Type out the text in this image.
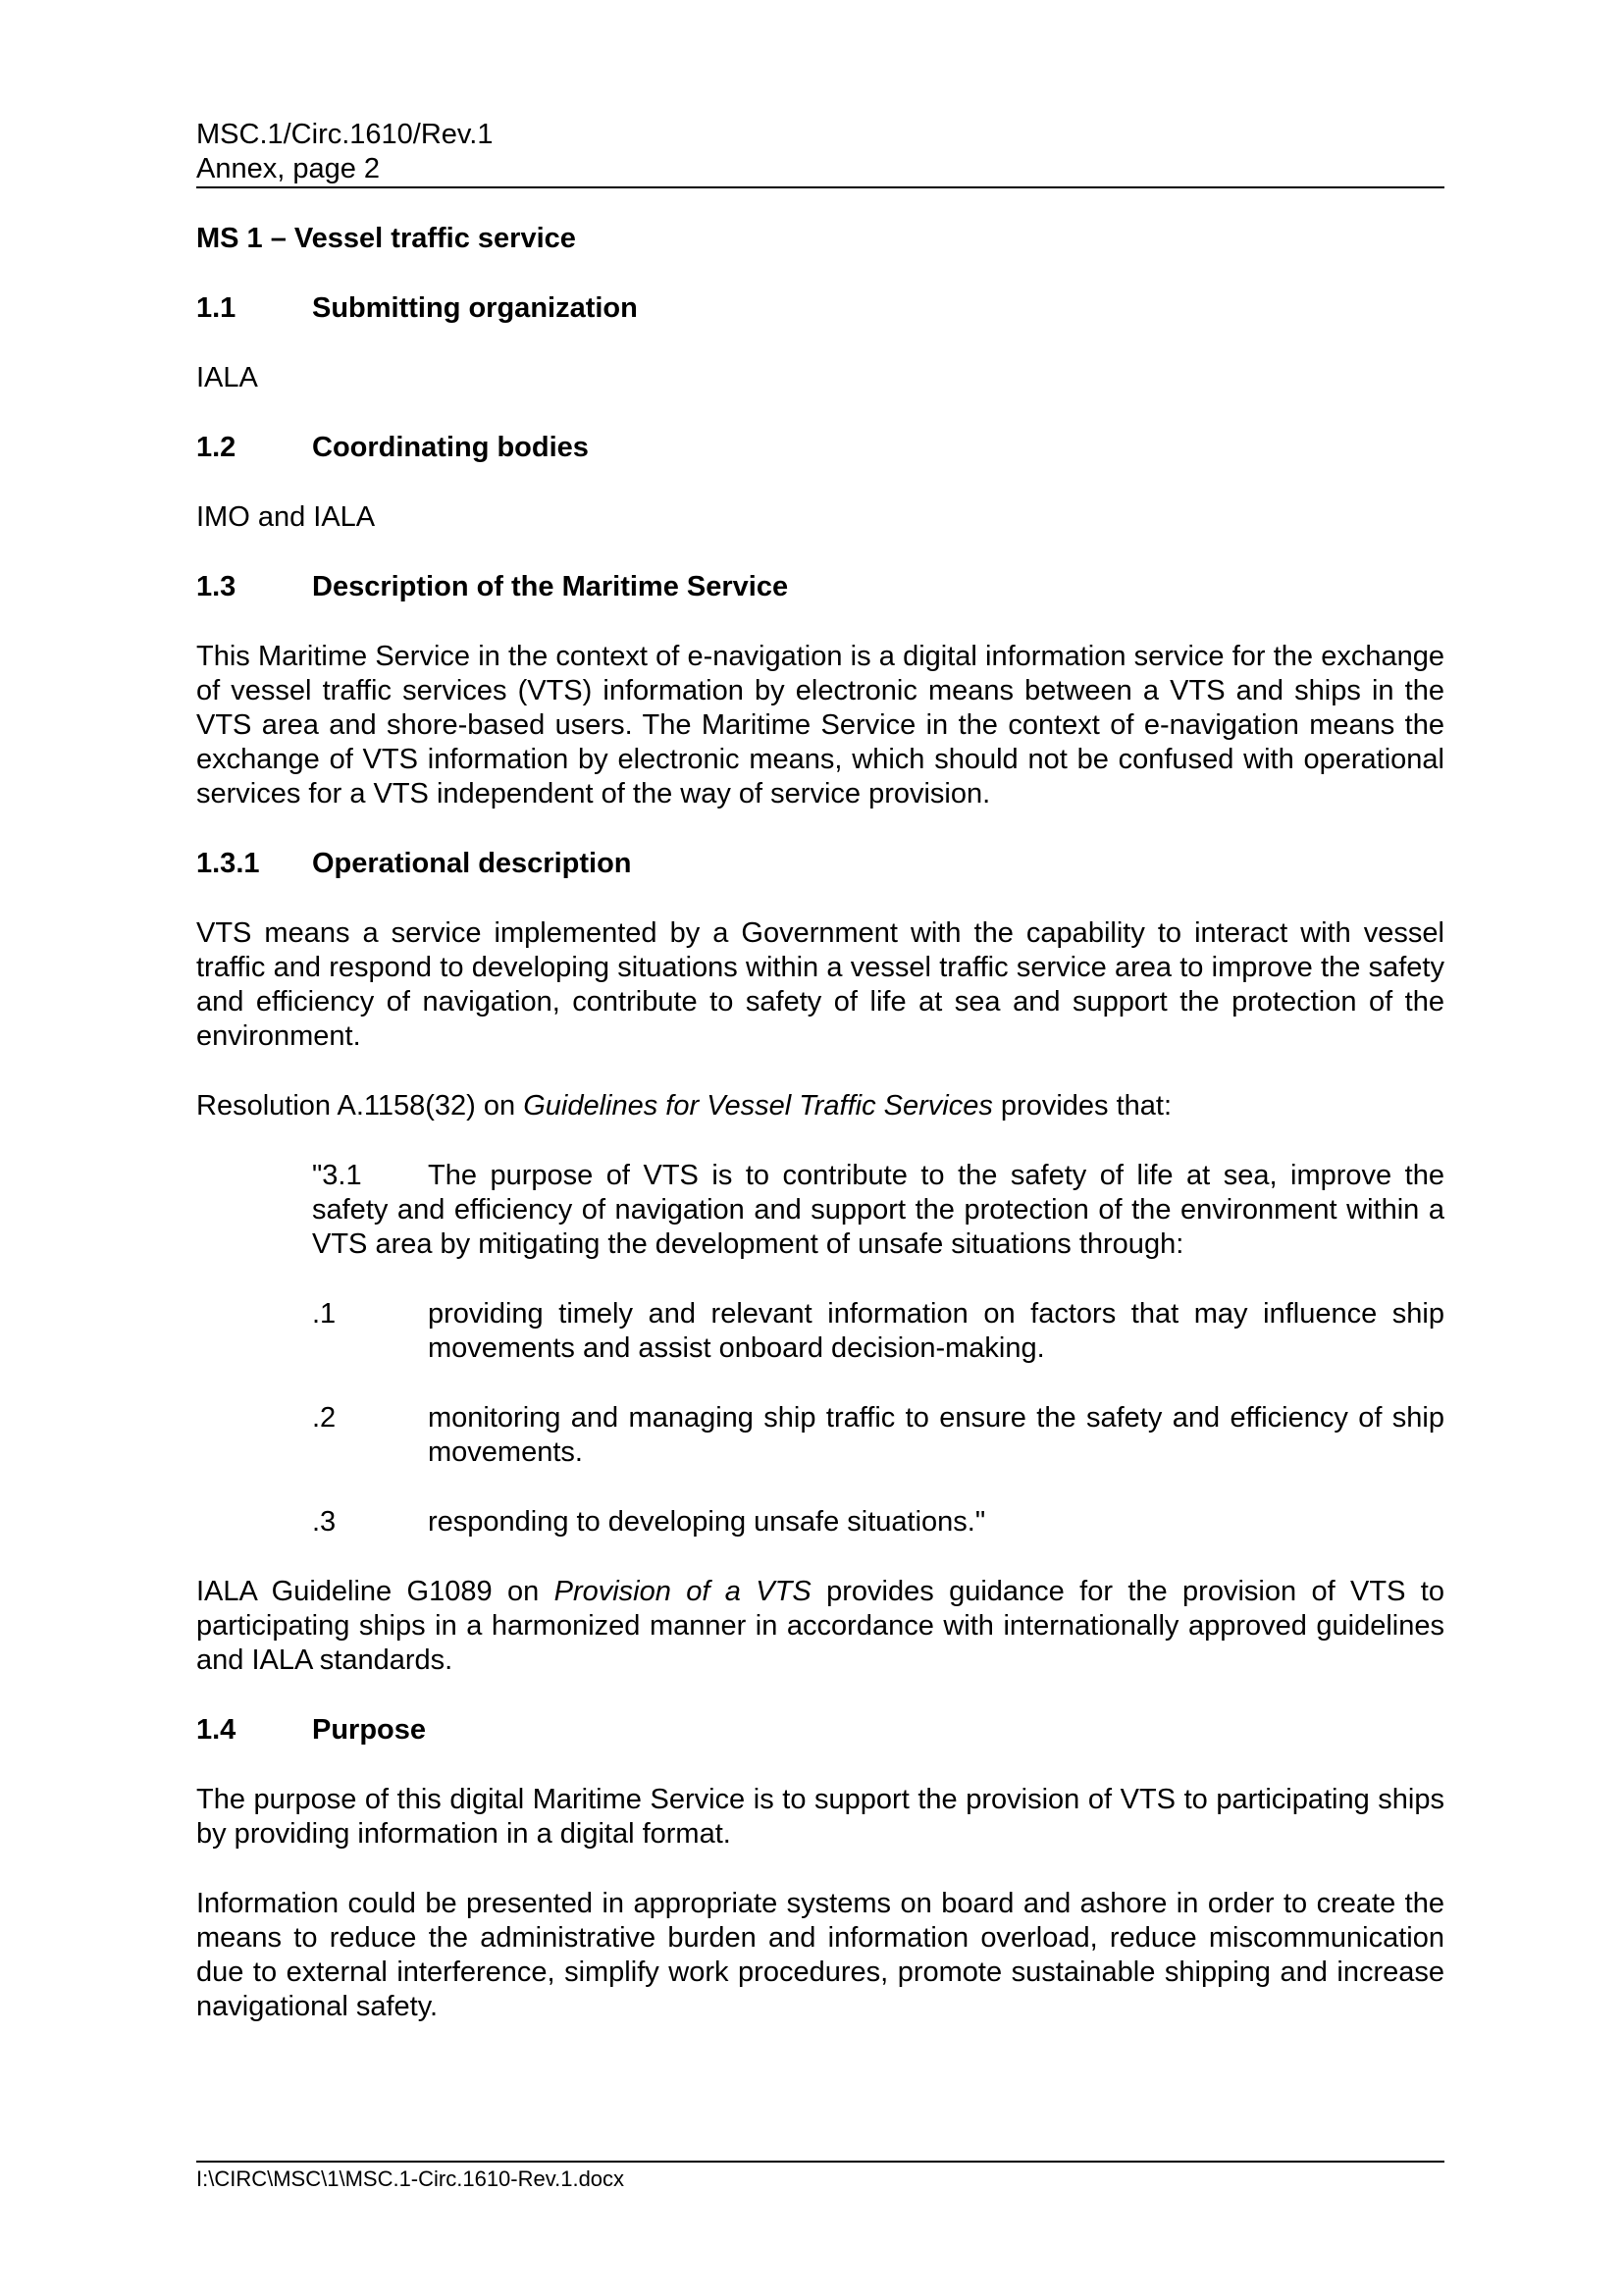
MSC.1/Circ.1610/Rev.1
Annex, page 2

MS 1 – Vessel traffic service

1.1	Submitting organization

IALA

1.2	Coordinating bodies

IMO and IALA

1.3	Description of the Maritime Service

This Maritime Service in the context of e-navigation is a digital information service for the exchange of vessel traffic services (VTS) information by electronic means between a VTS and ships in the VTS area and shore-based users. The Maritime Service in the context of e-navigation means the exchange of VTS information by electronic means, which should not be confused with operational services for a VTS independent of the way of service provision.

1.3.1	Operational description

VTS means a service implemented by a Government with the capability to interact with vessel traffic and respond to developing situations within a vessel traffic service area to improve the safety and efficiency of navigation, contribute to safety of life at sea and support the protection of the environment.

Resolution A.1158(32) on Guidelines for Vessel Traffic Services provides that:

"3.1 The purpose of VTS is to contribute to the safety of life at sea, improve the safety and efficiency of navigation and support the protection of the environment within a VTS area by mitigating the development of unsafe situations through:

.1	providing timely and relevant information on factors that may influence ship movements and assist onboard decision-making.
.2	monitoring and managing ship traffic to ensure the safety and efficiency of ship movements.
.3	responding to developing unsafe situations."

IALA Guideline G1089 on Provision of a VTS provides guidance for the provision of VTS to participating ships in a harmonized manner in accordance with internationally approved guidelines and IALA standards.

1.4	Purpose

The purpose of this digital Maritime Service is to support the provision of VTS to participating ships by providing information in a digital format.

Information could be presented in appropriate systems on board and ashore in order to create the means to reduce the administrative burden and information overload, reduce miscommunication due to external interference, simplify work procedures, promote sustainable shipping and increase navigational safety.

I:\CIRC\MSC\1\MSC.1-Circ.1610-Rev.1.docx
